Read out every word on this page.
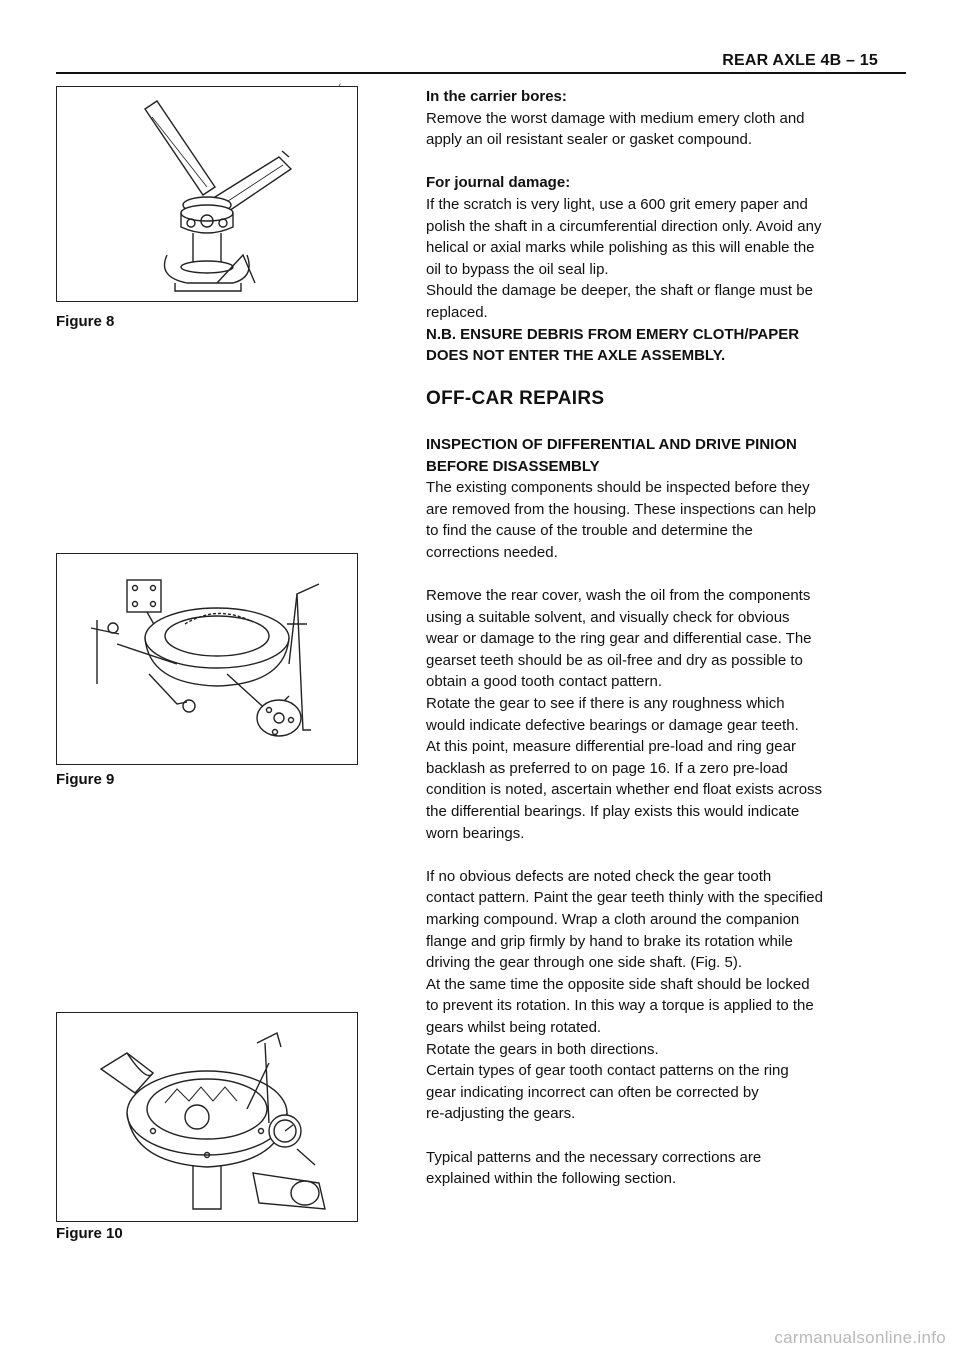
REAR AXLE 4B – 15
Figure 8
Figure 9
Figure 10

In the carrier bores:

Remove the worst damage with medium emery cloth and

apply an oil resistant sealer or gasket compound.

For journal damage:

If the scratch is very light, use a 600 grit emery paper and

polish the shaft in a circumferential direction only. Avoid any

helical or axial marks while polishing as this will enable the

oil to bypass the oil seal lip.

Should the damage be deeper, the shaft or flange must be

replaced.

N.B. ENSURE DEBRIS FROM EMERY CLOTH/PAPER

DOES NOT ENTER THE AXLE ASSEMBLY.

OFF-CAR REPAIRS

INSPECTION OF DIFFERENTIAL AND DRIVE PINION

BEFORE DISASSEMBLY

The existing components should be inspected before they

are removed from the housing. These inspections can help

to find the cause of the trouble and determine the

corrections needed.

Remove the rear cover, wash the oil from the components

using a suitable solvent, and visually check for obvious

wear or damage to the ring gear and differential case. The

gearset teeth should be as oil-free and dry as possible to

obtain a good tooth contact pattern.

Rotate the gear to see if there is any roughness which

would indicate defective bearings or damage gear teeth.

At this point, measure differential pre-load and ring gear

backlash as preferred to on page 16. If a zero pre-load

condition is noted, ascertain whether end float exists across

the differential bearings. If play exists this would indicate

worn bearings.

If no obvious defects are noted check the gear tooth

contact pattern. Paint the gear teeth thinly with the specified

marking compound. Wrap a cloth around the companion

flange and grip firmly by hand to brake its rotation while

driving the gear through one side shaft. (Fig. 5).

At the same time the opposite side shaft should be locked

to prevent its rotation. In this way a torque is applied to the

gears whilst being rotated.

Rotate the gears in both directions.

Certain types of gear tooth contact patterns on the ring

gear indicating incorrect can often be corrected by

re-adjusting the gears.

Typical patterns and the necessary corrections are

explained within the following section.

carmanualsonline.info
